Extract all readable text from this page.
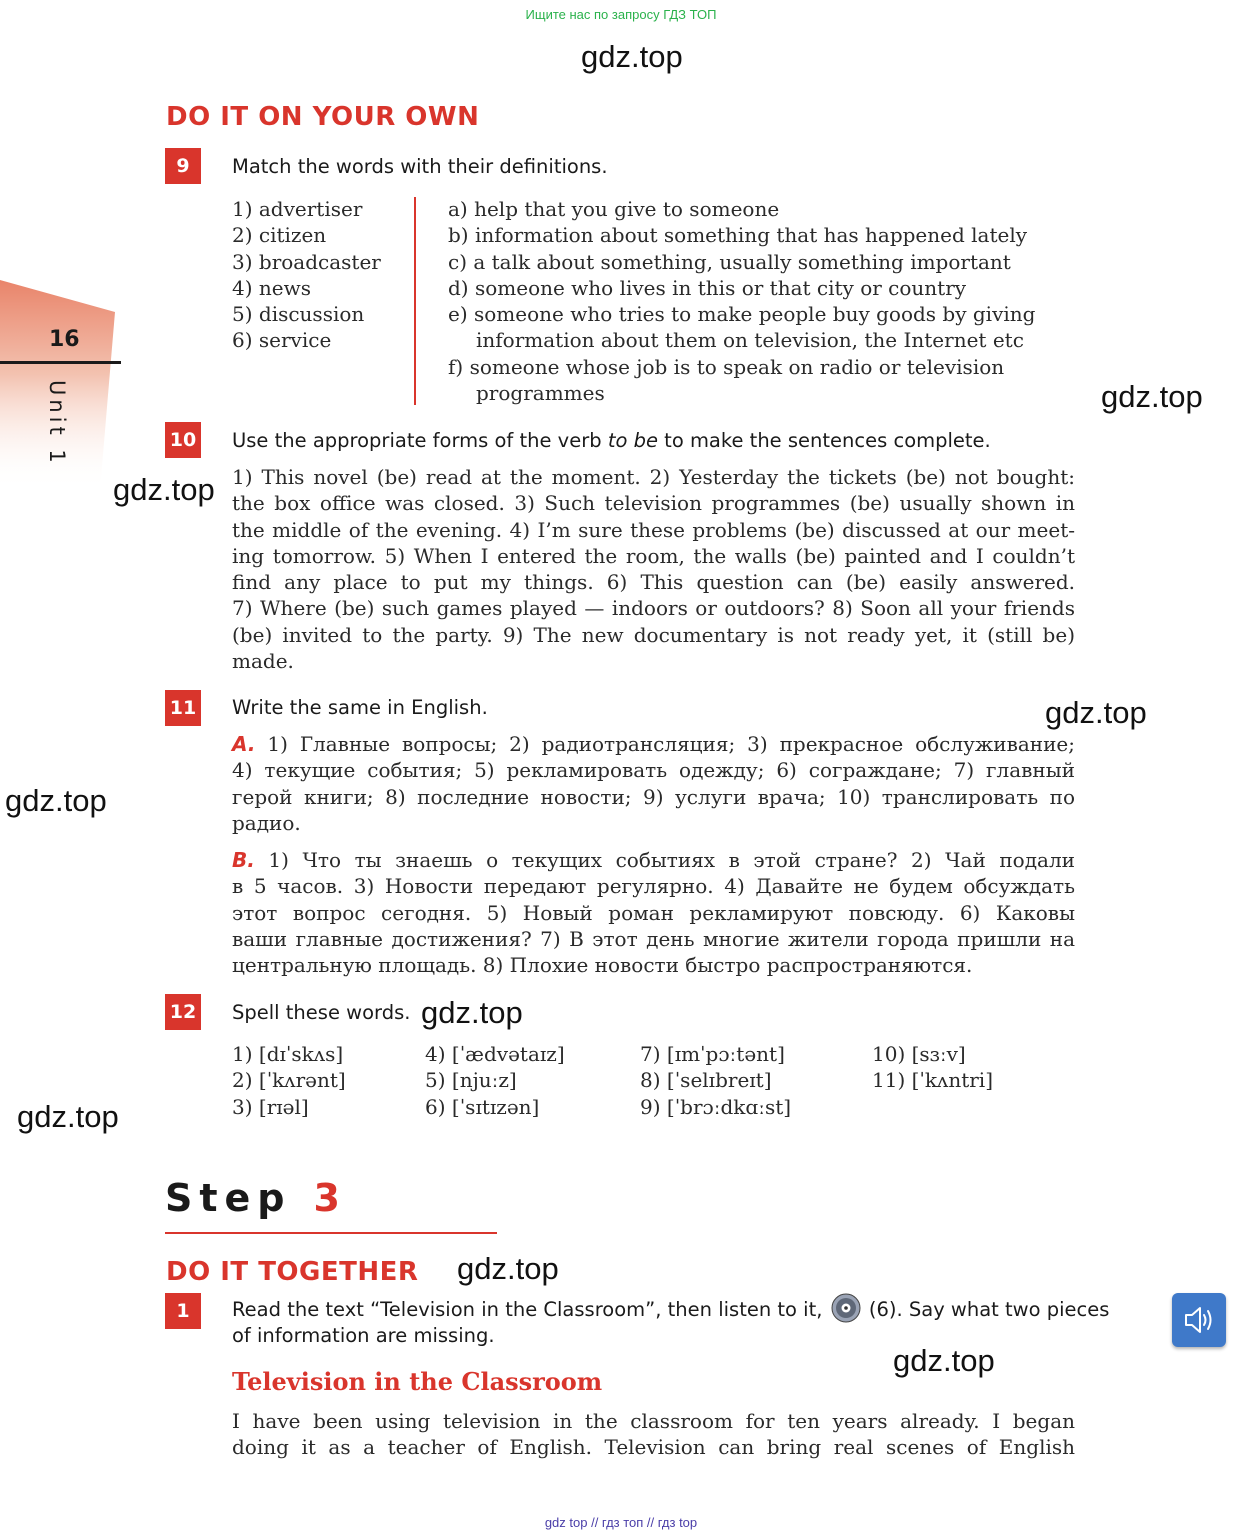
Ищите нас по запросу ГДЗ ТОП
gdz.top
gdz.top
gdz.top
gdz.top
gdz.top
gdz.top
gdz.top
gdz.top
gdz.top
16
Unit 1
DO IT ON YOUR OWN
9	Match the words with their definitions.
1) advertiser
2) citizen
3) broadcaster
4) news
5) discussion
6) service
a) help that you give to someone
b) information about something that has happened lately
c) a talk about something, usually something important
d) someone who lives in this or that city or country
e) someone who tries to make people buy goods by giving
information about them on television, the Internet etc
f) someone whose job is to speak on radio or television
programmes
10 Use the appropriate forms of the verb to be to make the sentences complete.
1) This novel (be) read at the moment. 2) Yesterday the tickets (be) not bought:
the box office was closed. 3) Such television programmes (be) usually shown in
the middle of the evening. 4) I’m sure these problems (be) discussed at our meet-
ing tomorrow. 5) When I entered the room, the walls (be) painted and I couldn’t
find any place to put my things. 6) This question can (be) easily answered.
7) Where (be) such games played — indoors or outdoors? 8) Soon all your friends
(be) invited to the party. 9) The new documentary is not ready yet, it (still be)
made.
11 Write the same in English.
A. 1) Главные вопросы; 2) радиотрансляция; 3) прекрасное обслуживание;
4) текущие события; 5) рекламировать одежду; 6) сограждане; 7) главный
герой книги; 8) последние новости; 9) услуги врача; 10) транслировать по
радио.
B. 1) Что ты знаешь о текущих событиях в этой стране? 2) Чай подали
в 5 часов. 3) Новости передают регулярно. 4) Давайте не будем обсуждать
этот вопрос сегодня. 5) Новый роман рекламируют повсюду. 6) Каковы
ваши главные достижения? 7) В этот день многие жители города пришли на
центральную площадь. 8) Плохие новости быстро распространяются.
12 Spell these words.
1) [dɪˈskʌs]
2) [ˈkʌrənt]
3) [rɪəl]
4) [ˈædvətaɪz]
5) [njuːz]
6) [ˈsɪtɪzən]
7) [ɪmˈpɔːtənt]
8) [ˈselɪbreɪt]
9) [ˈbrɔːdkɑːst]
10) [sɜːv]
11) [ˈkʌntri]
Step 3
DO IT TOGETHER
1	Read the text “Television in the Classroom”, then listen to it, (6). Say what two pieces
of information are missing.
Television in the Classroom
I have been using television in the classroom for ten years already. I began
doing it as a teacher of English. Television can bring real scenes of English
gdz top // гдз топ // гдз top
